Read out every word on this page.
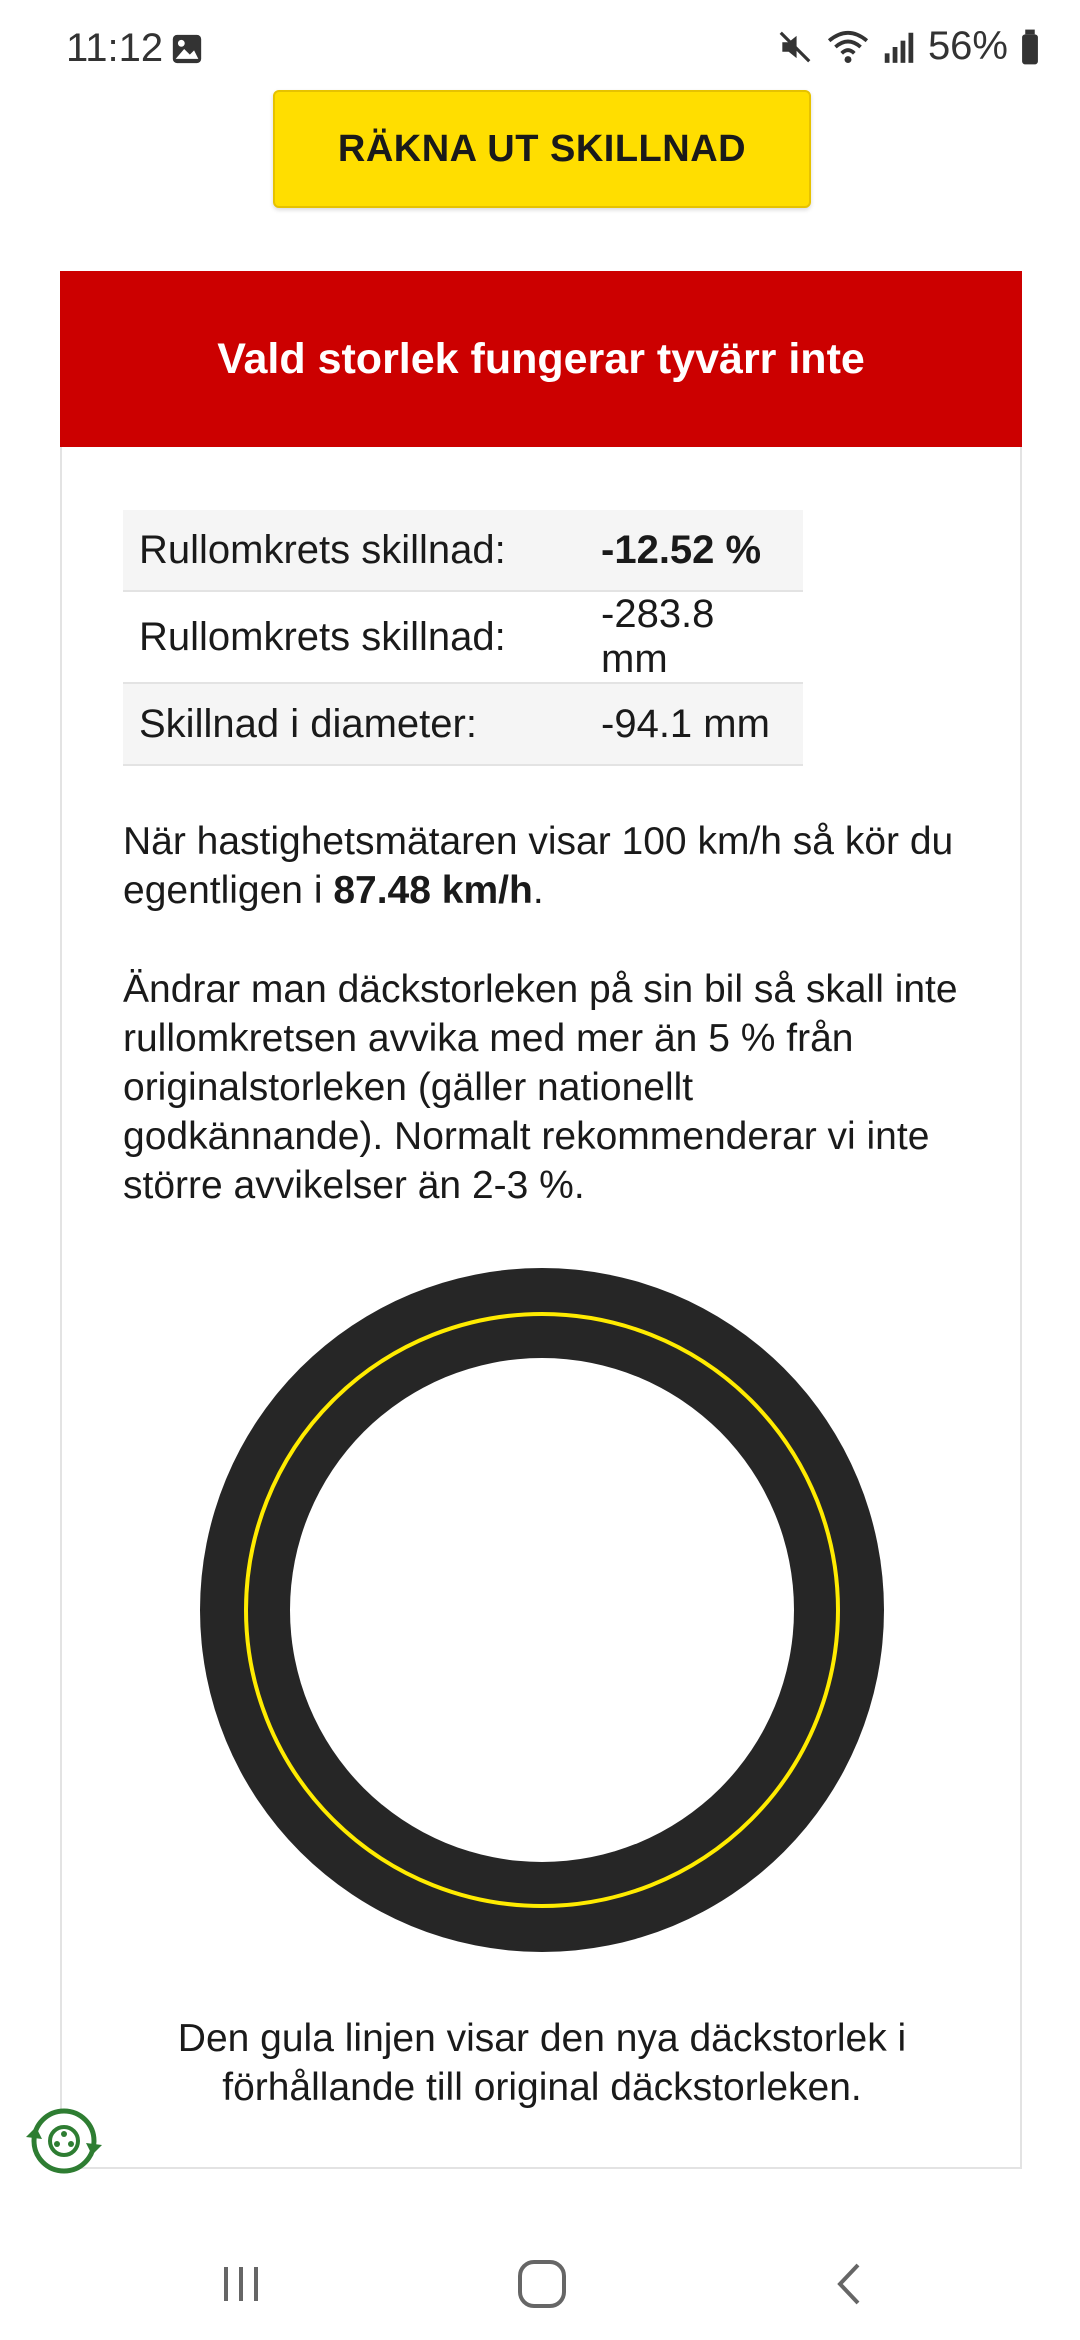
11:12	56%
RÄKNA UT SKILLNAD
Vald storlek fungerar tyvärr inte
Rullomkrets skillnad:	-12.52 %
Rullomkrets skillnad:	-283.8 mm
Skillnad i diameter:	-94.1 mm
När hastighetsmätaren visar 100 km/h så kör du egentligen i 87.48 km/h.
Ändrar man däckstorleken på sin bil så skall inte rullomkretsen avvika med mer än 5 % från originalstorleken (gäller nationellt godkännande). Normalt rekommenderar vi inte större avvikelser än 2-3 %.
Den gula linjen visar den nya däckstorlek i förhållande till original däckstorleken.
